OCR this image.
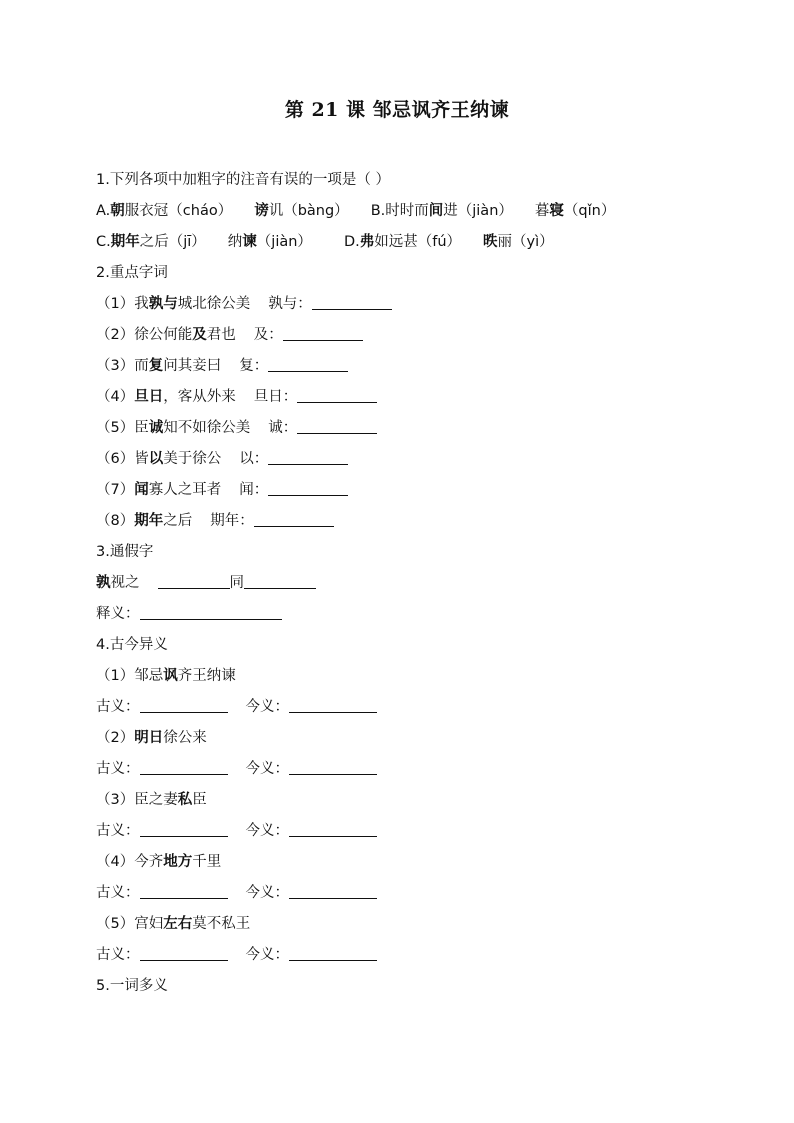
第 21 课 邹忌讽齐王纳谏
1.下列各项中加粗字的注音有误的一项是（ ）
A.朝服衣冠（cháo） 谤讥（bàng） B.时时而间进（jiàn） 暮寝（qǐn）
C.期年之后（jī） 纳谏（jiàn） D.弗如远甚（fú） 昳丽（yì）
2.重点字词
（1）我孰与城北徐公美 孰与：
（2）徐公何能及君也 及：
（3）而复问其妾曰 复：
（4）旦日，客从外来 旦日：
（5）臣诚知不如徐公美 诚：
（6）皆以美于徐公 以：
（7）闻寡人之耳者 闻：
（8）期年之后 期年：
3.通假字
孰视之	同
释义：
4.古今异义
（1）邹忌讽齐王纳谏
古义：	今义：
（2）明日徐公来
古义：	今义：
（3）臣之妻私臣
古义：	今义：
（4）今齐地方千里
古义：	今义：
（5）宫妇左右莫不私王
古义：	今义：
5.一词多义
